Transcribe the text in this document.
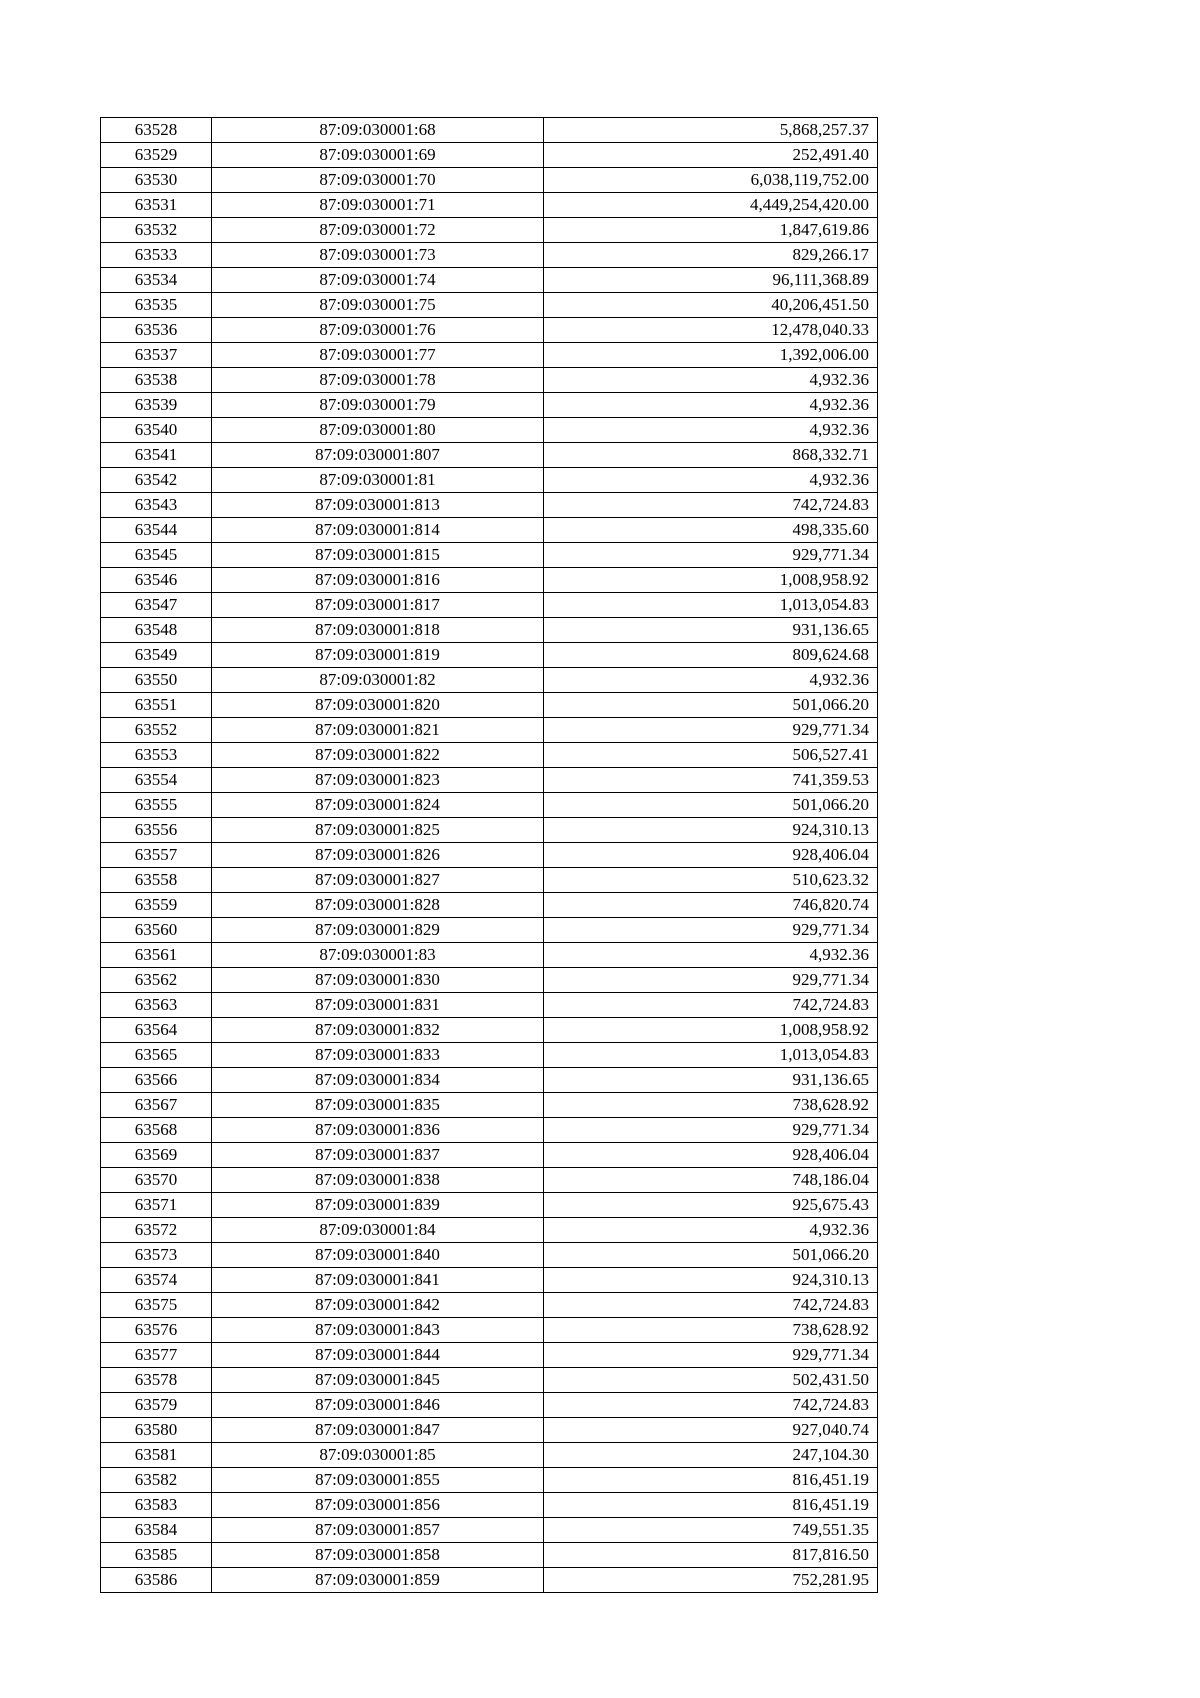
63528	87:09:030001:68	5,868,257.37
63529	87:09:030001:69	252,491.40
63530	87:09:030001:70	6,038,119,752.00
63531	87:09:030001:71	4,449,254,420.00
63532	87:09:030001:72	1,847,619.86
63533	87:09:030001:73	829,266.17
63534	87:09:030001:74	96,111,368.89
63535	87:09:030001:75	40,206,451.50
63536	87:09:030001:76	12,478,040.33
63537	87:09:030001:77	1,392,006.00
63538	87:09:030001:78	4,932.36
63539	87:09:030001:79	4,932.36
63540	87:09:030001:80	4,932.36
63541	87:09:030001:807	868,332.71
63542	87:09:030001:81	4,932.36
63543	87:09:030001:813	742,724.83
63544	87:09:030001:814	498,335.60
63545	87:09:030001:815	929,771.34
63546	87:09:030001:816	1,008,958.92
63547	87:09:030001:817	1,013,054.83
63548	87:09:030001:818	931,136.65
63549	87:09:030001:819	809,624.68
63550	87:09:030001:82	4,932.36
63551	87:09:030001:820	501,066.20
63552	87:09:030001:821	929,771.34
63553	87:09:030001:822	506,527.41
63554	87:09:030001:823	741,359.53
63555	87:09:030001:824	501,066.20
63556	87:09:030001:825	924,310.13
63557	87:09:030001:826	928,406.04
63558	87:09:030001:827	510,623.32
63559	87:09:030001:828	746,820.74
63560	87:09:030001:829	929,771.34
63561	87:09:030001:83	4,932.36
63562	87:09:030001:830	929,771.34
63563	87:09:030001:831	742,724.83
63564	87:09:030001:832	1,008,958.92
63565	87:09:030001:833	1,013,054.83
63566	87:09:030001:834	931,136.65
63567	87:09:030001:835	738,628.92
63568	87:09:030001:836	929,771.34
63569	87:09:030001:837	928,406.04
63570	87:09:030001:838	748,186.04
63571	87:09:030001:839	925,675.43
63572	87:09:030001:84	4,932.36
63573	87:09:030001:840	501,066.20
63574	87:09:030001:841	924,310.13
63575	87:09:030001:842	742,724.83
63576	87:09:030001:843	738,628.92
63577	87:09:030001:844	929,771.34
63578	87:09:030001:845	502,431.50
63579	87:09:030001:846	742,724.83
63580	87:09:030001:847	927,040.74
63581	87:09:030001:85	247,104.30
63582	87:09:030001:855	816,451.19
63583	87:09:030001:856	816,451.19
63584	87:09:030001:857	749,551.35
63585	87:09:030001:858	817,816.50
63586	87:09:030001:859	752,281.95
